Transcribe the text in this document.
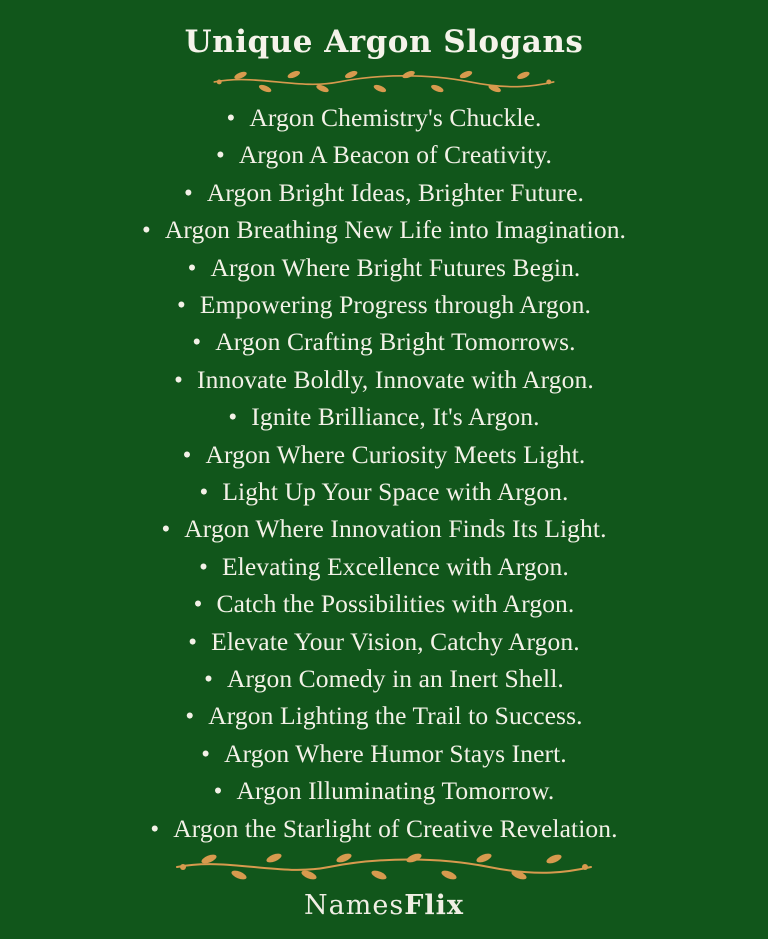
Unique Argon Slogans
• Argon Chemistry's Chuckle.
• Argon A Beacon of Creativity.
• Argon Bright Ideas, Brighter Future.
• Argon Breathing New Life into Imagination.
• Argon Where Bright Futures Begin.
• Empowering Progress through Argon.
• Argon Crafting Bright Tomorrows.
• Innovate Boldly, Innovate with Argon.
• Ignite Brilliance, It's Argon.
• Argon Where Curiosity Meets Light.
• Light Up Your Space with Argon.
• Argon Where Innovation Finds Its Light.
• Elevating Excellence with Argon.
• Catch the Possibilities with Argon.
• Elevate Your Vision, Catchy Argon.
• Argon Comedy in an Inert Shell.
• Argon Lighting the Trail to Success.
• Argon Where Humor Stays Inert.
• Argon Illuminating Tomorrow.
• Argon the Starlight of Creative Revelation.
NamesFlix
